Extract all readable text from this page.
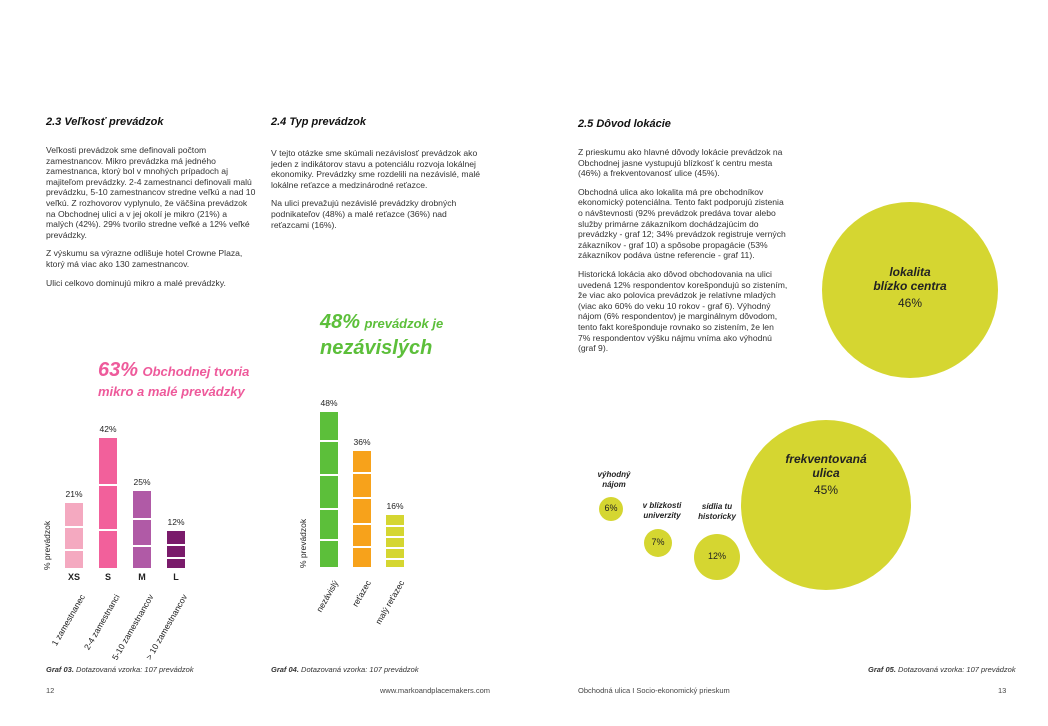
2.3 Veľkosť prevádzok

Veľkosti prevádzok sme definovali počtom zamestnancov. Mikro prevádzka má jedného zamestnanca, ktorý bol v mnohých prípadoch aj majiteľom prevádzky. 2-4 zamestnanci definovali malú prevádzku, 5-10 zamestnancov stredne veľkú a nad 10 veľkú. Z rozhovorov vyplynulo, že väčšina prevádzok na Obchodnej ulici a v jej okolí je mikro (21%) a malých (42%). 29% tvorilo stredne veľké a 12% veľké prevádzky.

Z výskumu sa výrazne odlišuje hotel Crowne Plaza, ktorý má viac ako 130 zamestnancov.

Ulici celkovo dominujú mikro a malé prevádzky.

63% Obchodnej tvoria
mikro a malé prevádzky
% prevádzok
21%
42%
25%
12%
XS	S	M	L
1 zamestnanec
2-4 zamestnanci
5-10 zamestnancov
> 10 zamestnancov
Graf 03. Dotazovaná vzorka: 107 prevádzok
12
2.4 Typ prevádzok

V tejto otázke sme skúmali nezávislosť prevádzok ako jeden z indikátorov stavu a potenciálu rozvoja lokálnej ekonomiky. Prevádzky sme rozdelili na nezávislé, malé lokálne reťazce a medzinárodné reťazce.

Na ulici prevažujú nezávislé prevádzky drobných podnikateľov (48%) a malé reťazce (36%) nad reťazcami (16%).

48% prevádzok je
nezávislých
% prevádzok
48%
36%
16%
nezávislý reťazec malý reťazec
Graf 04. Dotazovaná vzorka: 107 prevádzok
www.markoandplacemakers.com
2.5 Dôvod lokácie

Z prieskumu ako hlavné dôvody lokácie prevádzok na Obchodnej jasne vystupujú blízkosť k centru mesta (46%) a frekventovanosť ulice (45%).

Obchodná ulica ako lokalita má pre obchodníkov ekonomický potenciálna. Tento fakt podporujú zistenia o návštevnosti (92% prevádzok predáva tovar alebo služby primárne zákazníkom dochádzajúcim do prevádzky - graf 12; 34% prevádzok registruje verných zákazníkov - graf 10) a spôsobe propagácie (53% zákazníkov podáva ústne referencie - graf 11).

Historická lokácia ako dôvod obchodovania na ulici uvedená 12% respondentov korešpondujú so zistením, že viac ako polovica prevádzok je relatívne mladých (viac ako 60% do veku 10 rokov - graf 6). Výhodný nájom (6% respondentov) je marginálnym dôvodom, tento fakt korešponduje rovnako so zistením, že len 7% respondentov výšku nájmu vníma ako výhodnú (graf 9).

lokalita
blízko centra
46%
frekventovaná
ulica
45%
sídlia tu
historicky
12%
v blízkosti
univerzity
7%
výhodný
nájom
6%
Graf 05. Dotazovaná vzorka: 107 prevádzok
Obchodná ulica I Socio-ekonomický prieskum	13
